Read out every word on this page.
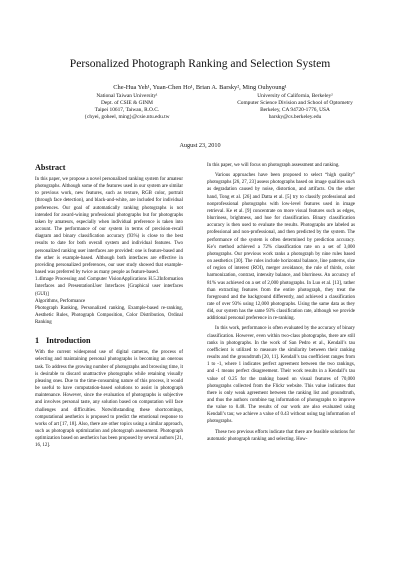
Personalized Photograph Ranking and Selection System
Che-Hua Yeh¹, Yuan-Chen Ho¹, Brian A. Barsky², Ming Ouhyoung¹
National Taiwan University¹
Dept. of CSIE & GINM
Taipei 10617, Taiwan, R.O.C.
{chyei, goheel, ming}@csie.ntu.edu.tw
University of California, Berkeley²
Computer Science Division and School of Optometry
Berkeley, CA 94720-1776, USA
barsky@cs.berkeley.edu
August 23, 2010
Abstract

In this paper, we propose a novel personalized ranking system for amateur photographs. Although some of the features used in our system are similar to previous work, new features, such as texture, RGB color, portrait (through face detection), and black-and-white, are included for individual preferences. Our goal of automatically ranking photographs is not intended for award-wining professional photographs but for photographs taken by amateurs, especially when individual preference is taken into account. The performance of our system in terms of precision-recall diagram and binary classification accuracy (93%) is close to the best results to date for both overall system and individual features. Two personalized ranking user interfaces are provided: one is feature-based and the other is example-based. Although both interfaces are effective in providing personalized preferences, our user study showed that example-based was preferred by twice as many people as feature-based.

1.4Image Processing and Computer VisionApplications H.5.2Information Interfaces and PresentationUser Interfaces [Graphical user interfaces (GUI)]

Algorithms, Performance

Photograph Ranking, Personalized ranking, Example-based re-ranking, Aesthetic Rules, Photograph Composition, Color Distribution, Ordinal Ranking

1 Introduction

With the current widespread use of digital cameras, the process of selecting and maintaining personal photographs is becoming an onerous task. To address the growing number of photographs and browsing time, it is desirable to discard unattractive photographs while retaining visually pleasing ones. Due to the time-consuming nature of this process, it would be useful to have computation-based solutions to assist in photograph maintenance. However, since the evaluation of photographs is subjective and involves personal taste, any solution based on computation will face challenges and difficulties. Notwithstanding these shortcomings, computational aesthetics is proposed to predict the emotional response to works of art [17, 18]. Also, there are other topics using a similar approach, such as photograph optimization and photograph assessment. Photograph optimization based on aesthetics has been proposed by several authors [21, 16, 12].

In this paper, we will focus on photograph assessment and ranking.

Various approaches have been proposed to select “high quality” photographs [26, 27, 23] assess photographs based on image qualities such as degradation caused by noise, distortion, and artifacts. On the other hand, Tong et al. [26] and Datta et al. [5] try to classify professional and nonprofessional photographs with low-level features used in image retrieval. Ke et al. [9] concentrate on more visual features such as edges, blurriness, brightness, and hue for classification. Binary classification accuracy is then used to evaluate the results. Photographs are labeled as professional and non-professional, and then predicted by the system. The performance of the system is often determined by prediction accuracy. Ke’s method achieved a 72% classification rate on a set of 3,000 photographs. Our previous work ranks a photograph by nine rules based on aesthetics [30]. The rules include horizontal balance, line patterns, size of region of interest (ROI), merger avoidance, the rule of thirds, color harmonization, contrast, intensity balance, and blurriness. An accuracy of 81% was achieved on a set of 2,000 photographs. In Luo et al. [13], rather than extracting features from the entire photograph, they treat the foreground and the background differently, and achieved a classification rate of over 93% using 12,000 photographs. Using the same data as they did, our system has the same 93% classification rate, although we provide additional personal preference in re-ranking.

In this work, performance is often evaluated by the accuracy of binary classification. However, even within two-class photographs, there are still ranks in photographs. In the work of San Pedro et al., Kendall’s tau coefficient is utilized to measure the similarity between their ranking results and the groundtruth [20, 11]. Kendall’s tau coefficient ranges from 1 to -1, where 1 indicates perfect agreement between the two rankings, and -1 means perfect disagreement. Their work results in a Kendall’s tau value of 0.25 for the ranking based on visual features of 70,000 photographs collected from the Flickr website. This value indicates that there is only weak agreement between the ranking list and groundtruth, and thus the authors combine tag information of photographs to improve the value to 0.48. The results of our work are also evaluated using Kendall’s tau; we achieve a value of 0.43 without using tag information of photographs.

These two previous efforts indicate that there are feasible solutions for automatic photograph ranking and selecting. How-
